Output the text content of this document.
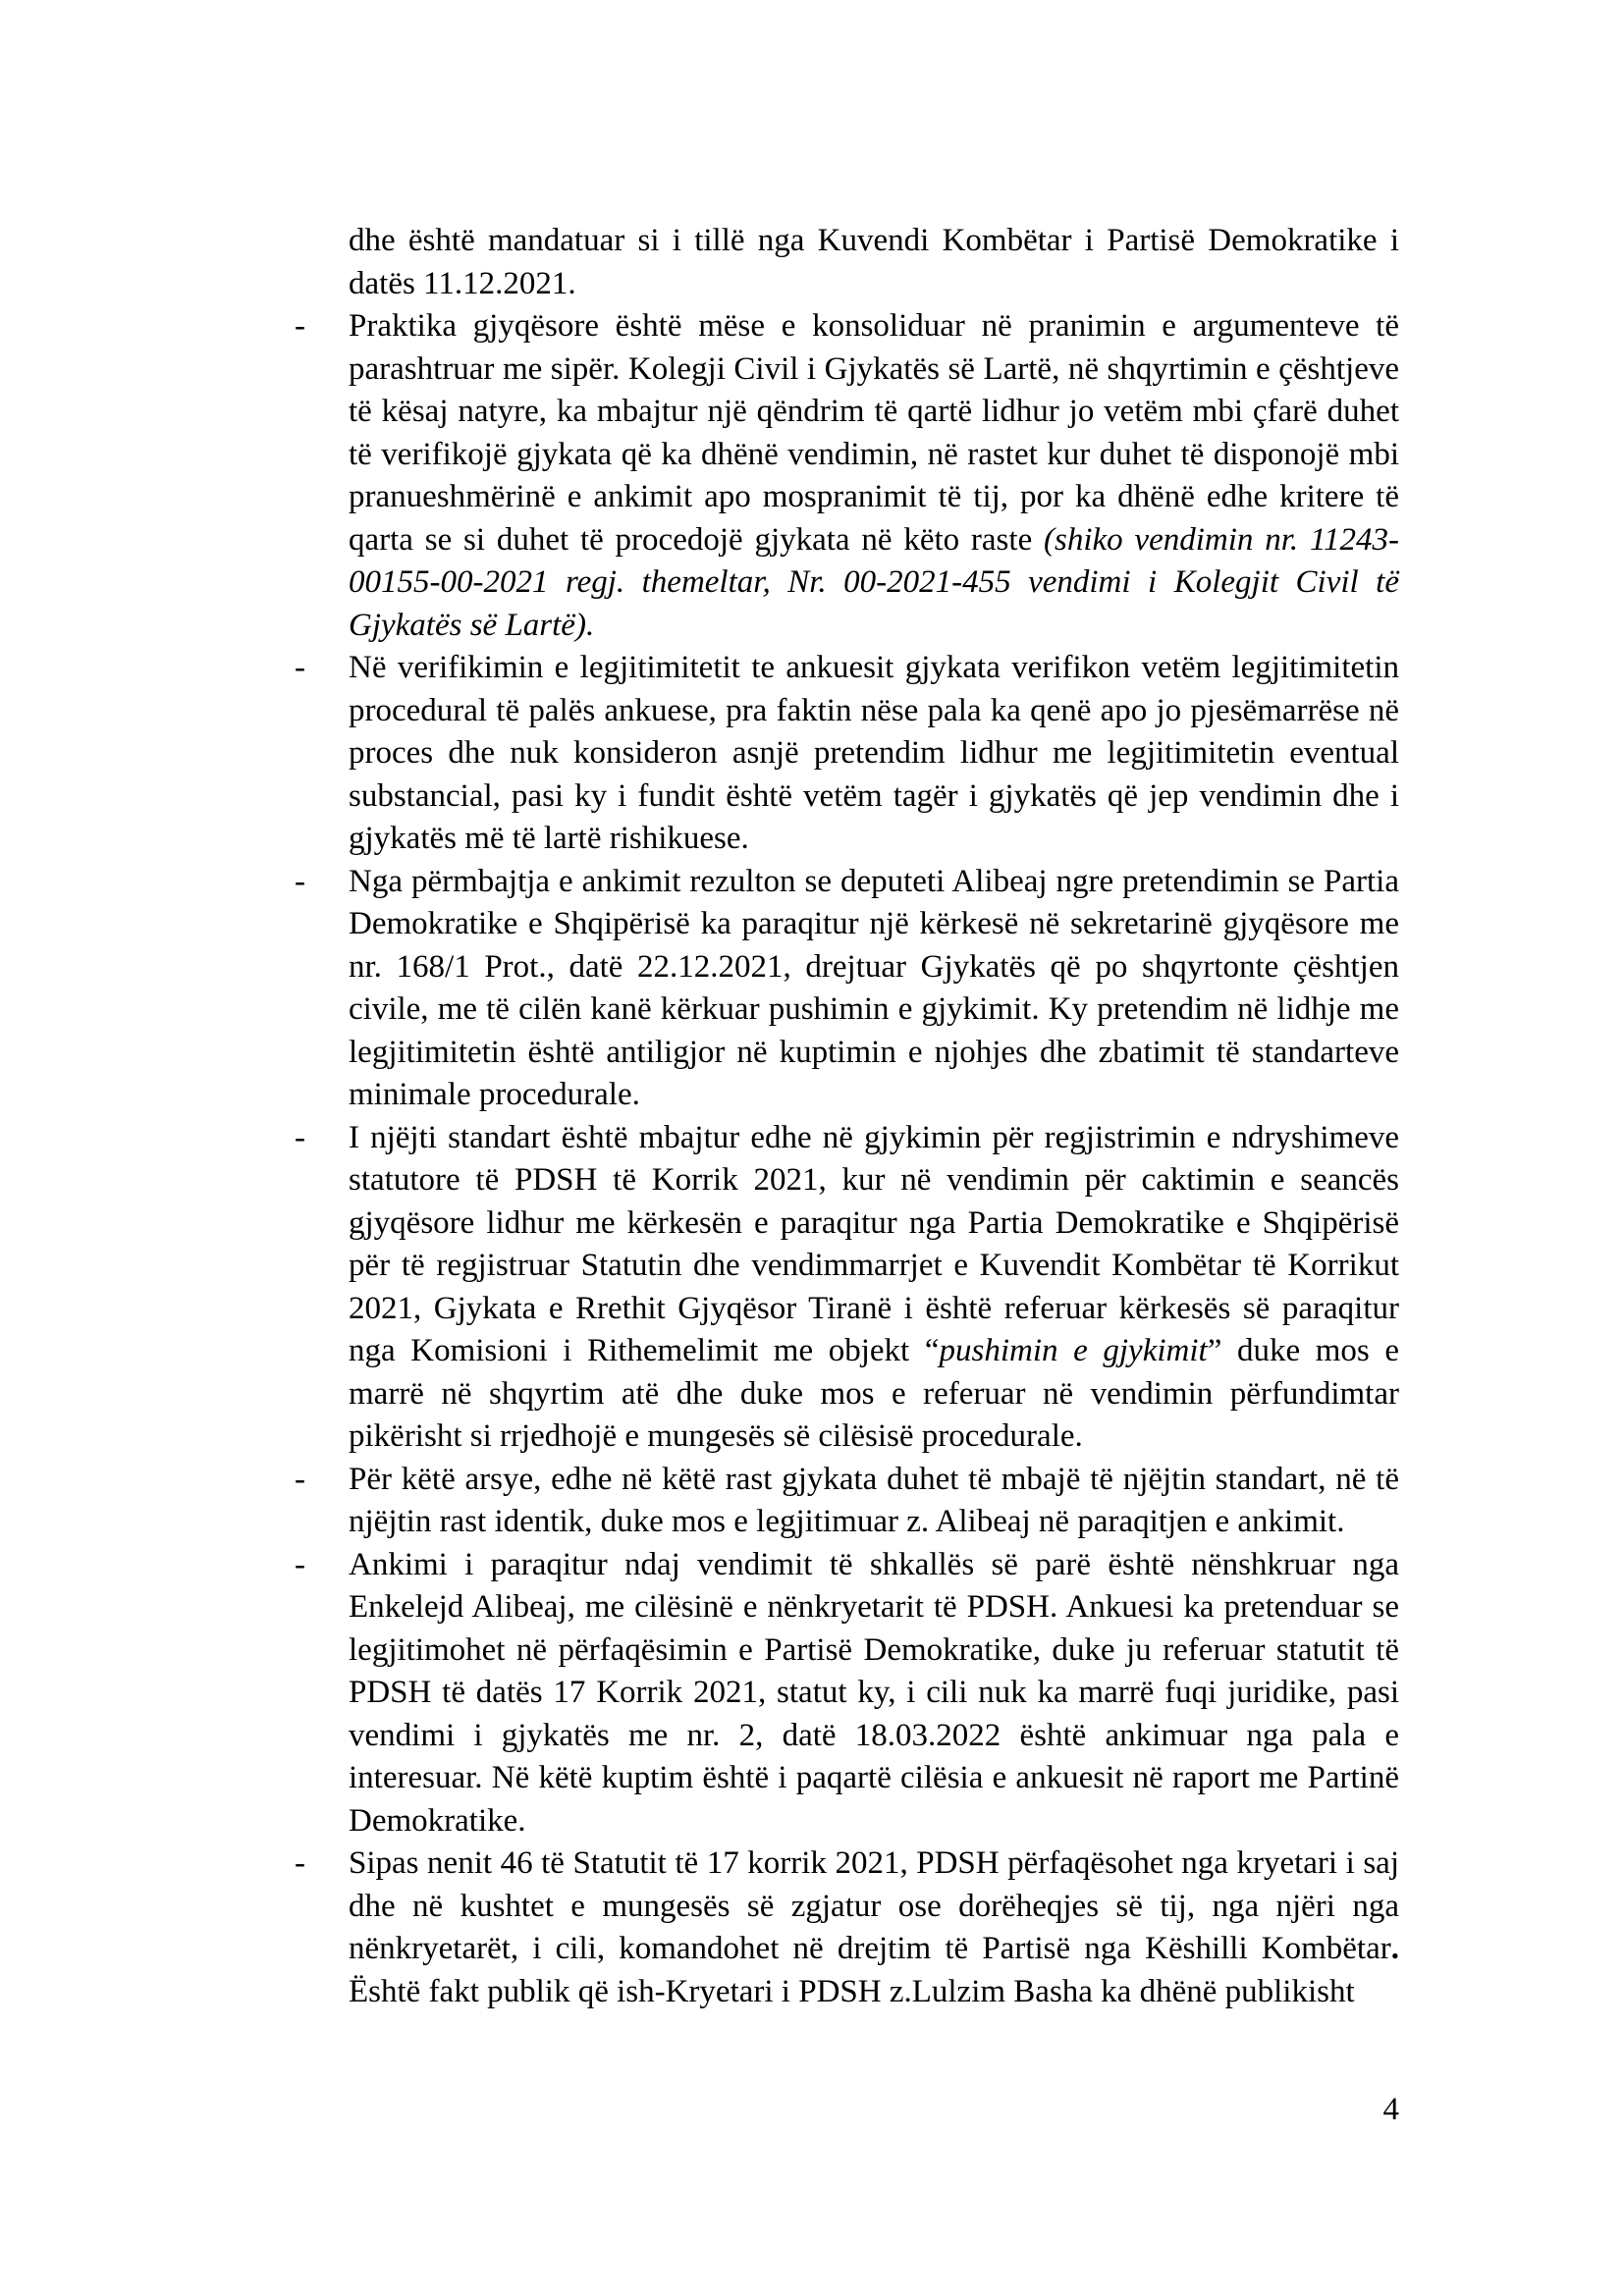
dhe është mandatuar si i tillë nga Kuvendi Kombëtar i Partisë Demokratike i datës 11.12.2021.
- Praktika gjyqësore është mëse e konsoliduar në pranimin e argumenteve të parashtruar me sipër. Kolegji Civil i Gjykatës së Lartë, në shqyrtimin e çështjeve të kësaj natyre, ka mbajtur një qëndrim të qartë lidhur jo vetëm mbi çfarë duhet të verifikojë gjykata që ka dhënë vendimin, në rastet kur duhet të disponojë mbi pranueshmërinë e ankimit apo mospranimit të tij, por ka dhënë edhe kritere të qarta se si duhet të procedojë gjykata në këto raste (shiko vendimin nr. 11243-00155-00-2021 regj. themeltar, Nr. 00-2021-455 vendimi i Kolegjit Civil të Gjykatës së Lartë).
- Në verifikimin e legjitimitetit te ankuesit gjykata verifikon vetëm legjitimitetin procedural të palës ankuese, pra faktin nëse pala ka qenë apo jo pjesëmarrëse në proces dhe nuk konsideron asnjë pretendim lidhur me legjitimitetin eventual substancial, pasi ky i fundit është vetëm tagër i gjykatës që jep vendimin dhe i gjykatës më të lartë rishikuese.
- Nga përmbajtja e ankimit rezulton se deputeti Alibeaj ngre pretendimin se Partia Demokratike e Shqipërisë ka paraqitur një kërkesë në sekretarinë gjyqësore me nr. 168/1 Prot., datë 22.12.2021, drejtuar Gjykatës që po shqyrtonte çështjen civile, me të cilën kanë kërkuar pushimin e gjykimit. Ky pretendim në lidhje me legjitimitetin është antiligjor në kuptimin e njohjes dhe zbatimit të standarteve minimale procedurale.
- I njëjti standart është mbajtur edhe në gjykimin për regjistrimin e ndryshimeve statutore të PDSH të Korrik 2021, kur në vendimin për caktimin e seancës gjyqësore lidhur me kërkesën e paraqitur nga Partia Demokratike e Shqipërisë për të regjistruar Statutin dhe vendimmarrjet e Kuvendit Kombëtar të Korrikut 2021, Gjykata e Rrethit Gjyqësor Tiranë i është referuar kërkesës së paraqitur nga Komisioni i Rithemelimit me objekt “pushimin e gjykimit” duke mos e marrë në shqyrtim atë dhe duke mos e referuar në vendimin përfundimtar pikërisht si rrjedhojë e mungesës së cilësisë procedurale.
- Për këtë arsye, edhe në këtë rast gjykata duhet të mbajë të njëjtin standart, në të njëjtin rast identik, duke mos e legjitimuar z. Alibeaj në paraqitjen e ankimit.
- Ankimi i paraqitur ndaj vendimit të shkallës së parë është nënshkruar nga Enkelejd Alibeaj, me cilësinë e nënkryetarit të PDSH. Ankuesi ka pretenduar se legjitimohet në përfaqësimin e Partisë Demokratike, duke ju referuar statutit të PDSH të datës 17 Korrik 2021, statut ky, i cili nuk ka marrë fuqi juridike, pasi vendimi i gjykatës me nr. 2, datë 18.03.2022 është ankimuar nga pala e interesuar. Në këtë kuptim është i paqartë cilësia e ankuesit në raport me Partinë Demokratike.
- Sipas nenit 46 të Statutit të 17 korrik 2021, PDSH përfaqësohet nga kryetari i saj dhe në kushtet e mungesës së zgjatur ose dorëheqjes së tij, nga njëri nga nënkryetarët, i cili, komandohet në drejtim të Partisë nga Këshilli Kombëtar. Është fakt publik që ish-Kryetari i PDSH z.Lulzim Basha ka dhënë publikisht
4
